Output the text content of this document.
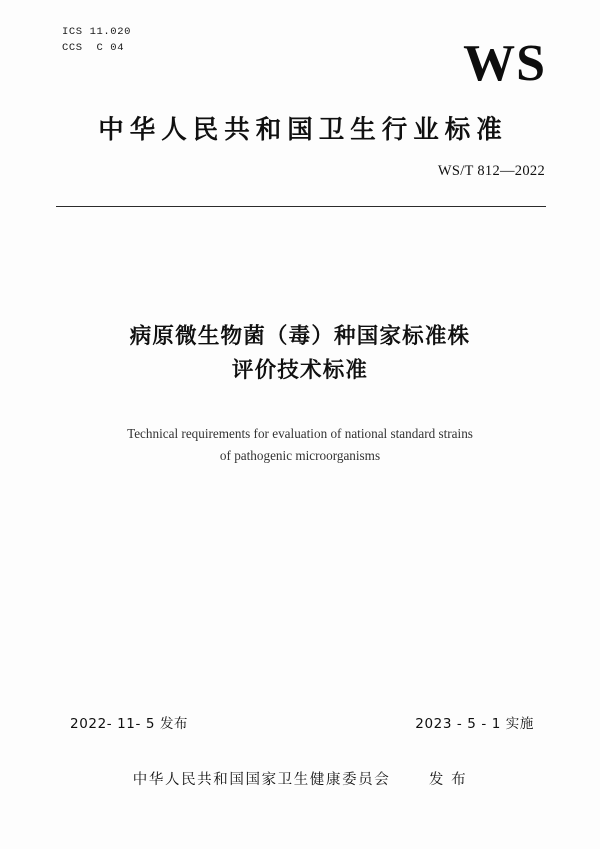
ICS 11.020
CCS  C 04	WS
中华人民共和国卫生行业标准
WS/T 812—2022
病原微生物菌（毒）种国家标准株
评价技术标准
Technical requirements for evaluation of national standard strains
of pathogenic microorganisms
2022- 11- 5 发布	2023 - 5 - 1 实施
中华人民共和国国家卫生健康委员会	发 布
